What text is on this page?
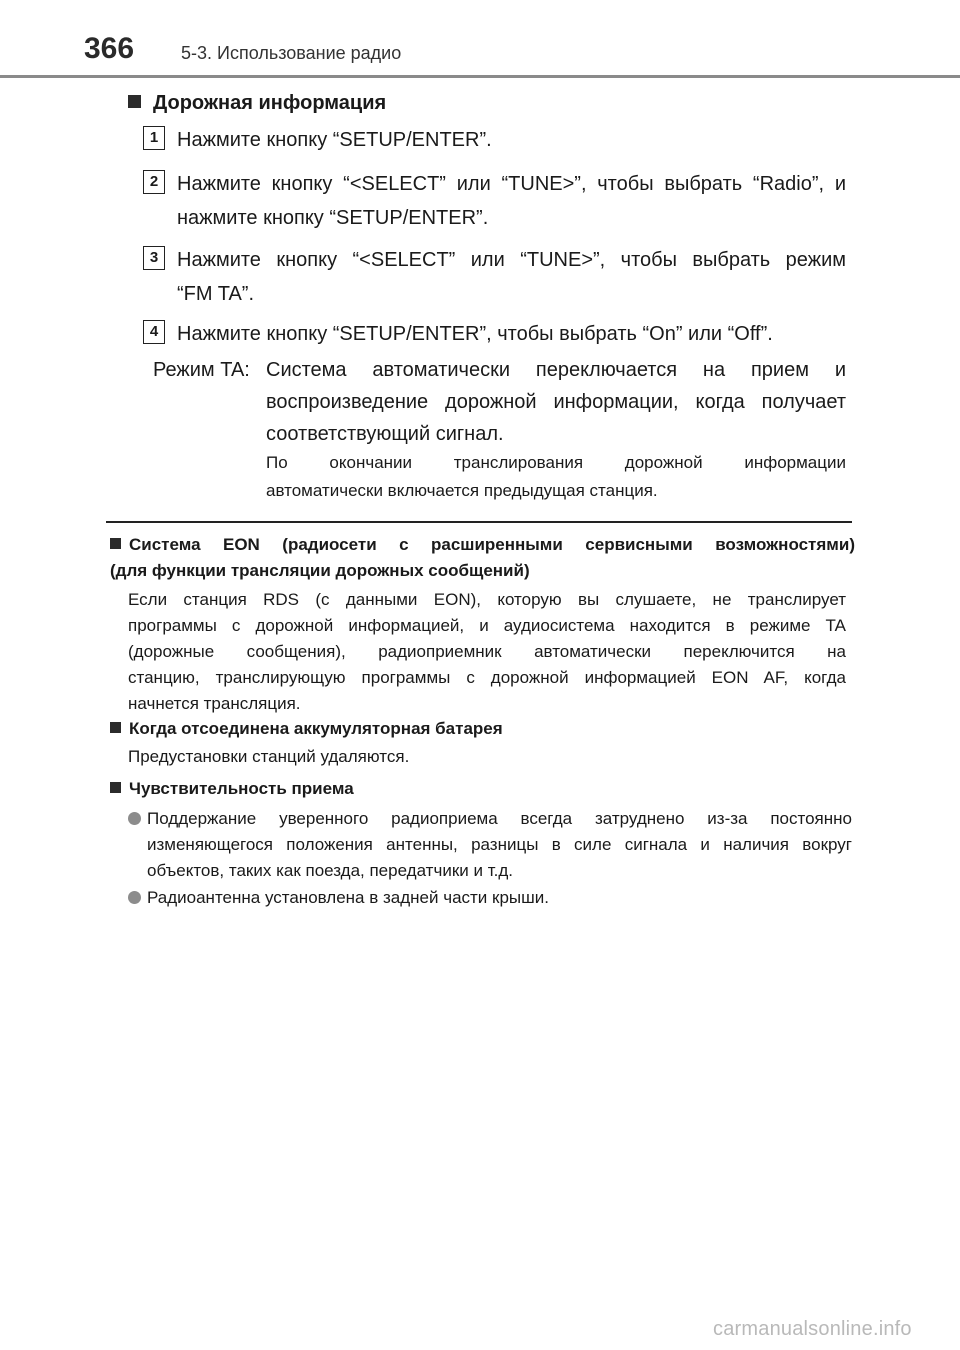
366	5-3. Использование радио
Дорожная информация
1 Нажмите кнопку “SETUP/ENTER”.
2 Нажмите кнопку “<SELECT” или “TUNE>”, чтобы выбрать “Radio”, и
нажмите кнопку “SETUP/ENTER”.
3 Нажмите кнопку “<SELECT” или “TUNE>”, чтобы выбрать режим
“FM TA”.
4 Нажмите кнопку “SETUP/ENTER”, чтобы выбрать “On” или “Off”.
Режим TA: Система автоматически переключается на прием и
воспроизведение дорожной информации, когда получает
соответствующий сигнал.
По окончании транслирования дорожной информации
автоматически включается предыдущая станция.
Система EON (радиосети с расширенными сервисными возможностями)
(для функции трансляции дорожных сообщений)
Если станция RDS (с данными EON), которую вы слушаете, не транслирует
программы с дорожной информацией, и аудиосистема находится в режиме TA
(дорожные сообщения), радиоприемник автоматически переключится на
станцию, транслирующую программы с дорожной информацией EON AF, когда
начнется трансляция.
Когда отсоединена аккумуляторная батарея
Предустановки станций удаляются.
Чувствительность приема
Поддержание уверенного радиоприема всегда затруднено из-за постоянно
изменяющегося положения антенны, разницы в силе сигнала и наличия вокруг
объектов, таких как поезда, передатчики и т.д.
Радиоантенна установлена в задней части крыши.
carmanualsonline.info
